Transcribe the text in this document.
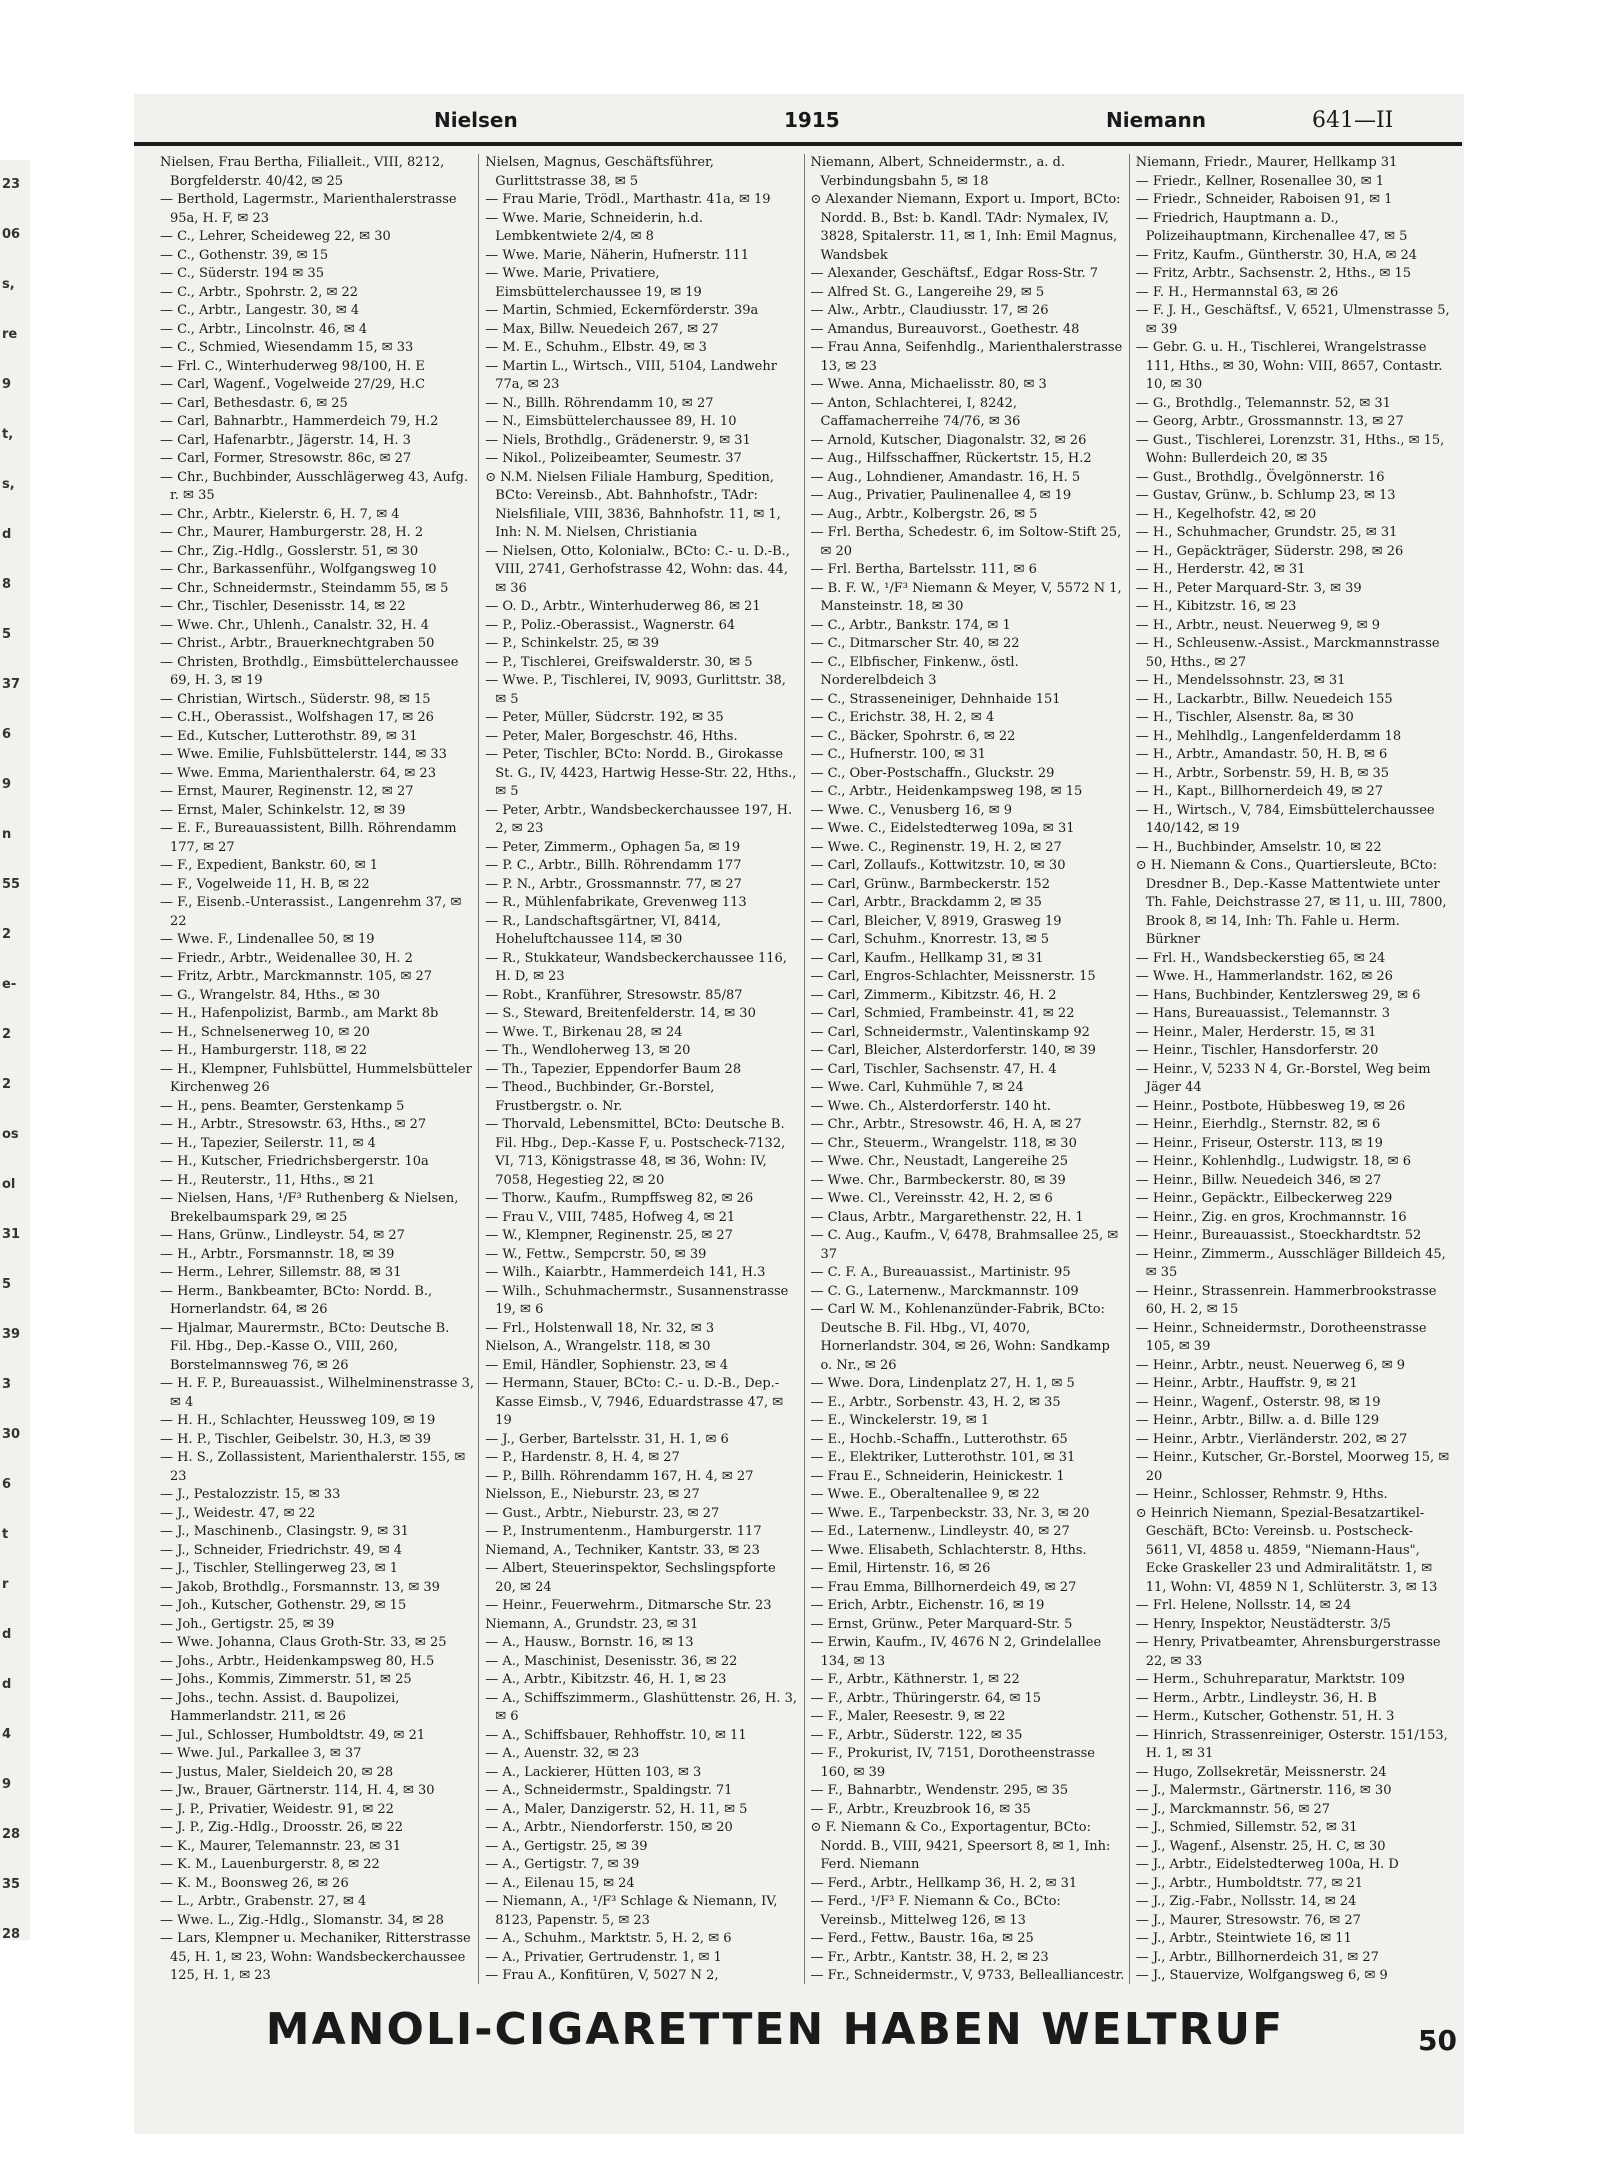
23
06
s,
re
9
t,
s,
d
8
5
37
6
9
n
55
2
e-
2
2
os
ol
31
5
39
3
30
6
t
r
d
d
4
9
28
35
28
Nielsen	1915	Niemann	641—II

Nielsen, Frau Bertha, Filialleit., VIII, 8212, Borgfelderstr. 40/42, ✉ 25

— Berthold, Lagermstr., Marienthalerstrasse 95a, H. F, ✉ 23

— C., Lehrer, Scheideweg 22, ✉ 30

— C., Gothenstr. 39, ✉ 15

— C., Süderstr. 194 ✉ 35

— C., Arbtr., Spohrstr. 2, ✉ 22

— C., Arbtr., Langestr. 30, ✉ 4

— C., Arbtr., Lincolnstr. 46, ✉ 4

— C., Schmied, Wiesendamm 15, ✉ 33

— Frl. C., Winterhuderweg 98/100, H. E

— Carl, Wagenf., Vogelweide 27/29, H.C

— Carl, Bethesdastr. 6, ✉ 25

— Carl, Bahnarbtr., Hammerdeich 79, H.2

— Carl, Hafenarbtr., Jägerstr. 14, H. 3

— Carl, Former, Stresowstr. 86c, ✉ 27

— Chr., Buchbinder, Ausschlägerweg 43, Aufg. r. ✉ 35

— Chr., Arbtr., Kielerstr. 6, H. 7, ✉ 4

— Chr., Maurer, Hamburgerstr. 28, H. 2

— Chr., Zig.-Hdlg., Gosslerstr. 51, ✉ 30

— Chr., Barkassenführ., Wolfgangsweg 10

— Chr., Schneidermstr., Steindamm 55, ✉ 5

— Chr., Tischler, Desenisstr. 14, ✉ 22

— Wwe. Chr., Uhlenh., Canalstr. 32, H. 4

— Christ., Arbtr., Brauerknechtgraben 50

— Christen, Brothdlg., Eimsbüttelerchaussee 69, H. 3, ✉ 19

— Christian, Wirtsch., Süderstr. 98, ✉ 15

— C.H., Oberassist., Wolfshagen 17, ✉ 26

— Ed., Kutscher, Lutterothstr. 89, ✉ 31

— Wwe. Emilie, Fuhlsbüttelerstr. 144, ✉ 33

— Wwe. Emma, Marienthalerstr. 64, ✉ 23

— Ernst, Maurer, Reginenstr. 12, ✉ 27

— Ernst, Maler, Schinkelstr. 12, ✉ 39

— E. F., Bureauassistent, Billh. Röhrendamm 177, ✉ 27

— F., Expedient, Bankstr. 60, ✉ 1

— F., Vogelweide 11, H. B, ✉ 22

— F., Eisenb.-Unterassist., Langenrehm 37, ✉ 22

— Wwe. F., Lindenallee 50, ✉ 19

— Friedr., Arbtr., Weidenallee 30, H. 2

— Fritz, Arbtr., Marckmannstr. 105, ✉ 27

— G., Wrangelstr. 84, Hths., ✉ 30

— H., Hafenpolizist, Barmb., am Markt 8b

— H., Schnelsenerweg 10, ✉ 20

— H., Hamburgerstr. 118, ✉ 22

— H., Klempner, Fuhlsbüttel, Hummelsbütteler Kirchenweg 26

— H., pens. Beamter, Gerstenkamp 5

— H., Arbtr., Stresowstr. 63, Hths., ✉ 27

— H., Tapezier, Seilerstr. 11, ✉ 4

— H., Kutscher, Friedrichsbergerstr. 10a

— H., Reuterstr., 11, Hths., ✉ 21

— Nielsen, Hans, ¹/F³ Ruthenberg & Nielsen, Brekelbaumspark 29, ✉ 25

— Hans, Grünw., Lindleystr. 54, ✉ 27

— H., Arbtr., Forsmannstr. 18, ✉ 39

— Herm., Lehrer, Sillemstr. 88, ✉ 31

— Herm., Bankbeamter, BCto: Nordd. B., Hornerlandstr. 64, ✉ 26

— Hjalmar, Maurermstr., BCto: Deutsche B. Fil. Hbg., Dep.-Kasse O., VIII, 260, Borstelmannsweg 76, ✉ 26

— H. F. P., Bureauassist., Wilhelminenstrasse 3, ✉ 4

— H. H., Schlachter, Heussweg 109, ✉ 19

— H. P., Tischler, Geibelstr. 30, H.3, ✉ 39

— H. S., Zollassistent, Marienthalerstr. 155, ✉ 23

— J., Pestalozzistr. 15, ✉ 33

— J., Weidestr. 47, ✉ 22

— J., Maschinenb., Clasingstr. 9, ✉ 31

— J., Schneider, Friedrichstr. 49, ✉ 4

— J., Tischler, Stellingerweg 23, ✉ 1

— Jakob, Brothdlg., Forsmannstr. 13, ✉ 39

— Joh., Kutscher, Gothenstr. 29, ✉ 15

— Joh., Gertigstr. 25, ✉ 39

— Wwe. Johanna, Claus Groth-Str. 33, ✉ 25

— Johs., Arbtr., Heidenkampsweg 80, H.5

— Johs., Kommis, Zimmerstr. 51, ✉ 25

— Johs., techn. Assist. d. Baupolizei, Hammerlandstr. 211, ✉ 26

— Jul., Schlosser, Humboldtstr. 49, ✉ 21

— Wwe. Jul., Parkallee 3, ✉ 37

— Justus, Maler, Sieldeich 20, ✉ 28

— Jw., Brauer, Gärtnerstr. 114, H. 4, ✉ 30

— J. P., Privatier, Weidestr. 91, ✉ 22

— J. P., Zig.-Hdlg., Droosstr. 26, ✉ 22

— K., Maurer, Telemannstr. 23, ✉ 31

— K. M., Lauenburgerstr. 8, ✉ 22

— K. M., Boonsweg 26, ✉ 26

— L., Arbtr., Grabenstr. 27, ✉ 4

— Wwe. L., Zig.-Hdlg., Slomanstr. 34, ✉ 28

— Lars, Klempner u. Mechaniker, Ritterstrasse 45, H. 1, ✉ 23, Wohn: Wandsbeckerchaussee 125, H. 1, ✉ 23

Nielsen, Magnus, Geschäftsführer, Gurlittstrasse 38, ✉ 5

— Frau Marie, Trödl., Marthastr. 41a, ✉ 19

— Wwe. Marie, Schneiderin, h.d. Lembkentwiete 2/4, ✉ 8

— Wwe. Marie, Näherin, Hufnerstr. 111

— Wwe. Marie, Privatiere, Eimsbüttelerchaussee 19, ✉ 19

— Martin, Schmied, Eckernförderstr. 39a

— Max, Billw. Neuedeich 267, ✉ 27

— M. E., Schuhm., Elbstr. 49, ✉ 3

— Martin L., Wirtsch., VIII, 5104, Landwehr 77a, ✉ 23

— N., Billh. Röhrendamm 10, ✉ 27

— N., Eimsbüttelerchaussee 89, H. 10

— Niels, Brothdlg., Grädenerstr. 9, ✉ 31

— Nikol., Polizeibeamter, Seumestr. 37

⊙ N.M. Nielsen Filiale Hamburg, Spedition, BCto: Vereinsb., Abt. Bahnhofstr., TAdr: Nielsfiliale, VIII, 3836, Bahnhofstr. 11, ✉ 1, Inh: N. M. Nielsen, Christiania

— Nielsen, Otto, Kolonialw., BCto: C.- u. D.-B., VIII, 2741, Gerhofstrasse 42, Wohn: das. 44, ✉ 36

— O. D., Arbtr., Winterhuderweg 86, ✉ 21

— P., Poliz.-Oberassist., Wagnerstr. 64

— P., Schinkelstr. 25, ✉ 39

— P., Tischlerei, Greifswalderstr. 30, ✉ 5

— Wwe. P., Tischlerei, IV, 9093, Gurlittstr. 38, ✉ 5

— Peter, Müller, Südcrstr. 192, ✉ 35

— Peter, Maler, Borgeschstr. 46, Hths.

— Peter, Tischler, BCto: Nordd. B., Girokasse St. G., IV, 4423, Hartwig Hesse-Str. 22, Hths., ✉ 5

— Peter, Arbtr., Wandsbeckerchaussee 197, H. 2, ✉ 23

— Peter, Zimmerm., Ophagen 5a, ✉ 19

— P. C., Arbtr., Billh. Röhrendamm 177

— P. N., Arbtr., Grossmannstr. 77, ✉ 27

— R., Mühlenfabrikate, Grevenweg 113

— R., Landschaftsgärtner, VI, 8414, Hoheluftchaussee 114, ✉ 30

— R., Stukkateur, Wandsbeckerchaussee 116, H. D, ✉ 23

— Robt., Kranführer, Stresowstr. 85/87

— S., Steward, Breitenfelderstr. 14, ✉ 30

— Wwe. T., Birkenau 28, ✉ 24

— Th., Wendloherweg 13, ✉ 20

— Th., Tapezier, Eppendorfer Baum 28

— Theod., Buchbinder, Gr.-Borstel, Frustbergstr. o. Nr.

— Thorvald, Lebensmittel, BCto: Deutsche B. Fil. Hbg., Dep.-Kasse F, u. Postscheck-7132, VI, 713, Königstrasse 48, ✉ 36, Wohn: IV, 7058, Hegestieg 22, ✉ 20

— Thorw., Kaufm., Rumpffsweg 82, ✉ 26

— Frau V., VIII, 7485, Hofweg 4, ✉ 21

— W., Klempner, Reginenstr. 25, ✉ 27

— W., Fettw., Sempcrstr. 50, ✉ 39

— Wilh., Kaiarbtr., Hammerdeich 141, H.3

— Wilh., Schuhmachermstr., Susannenstrasse 19, ✉ 6

— Frl., Holstenwall 18, Nr. 32, ✉ 3

Nielson, A., Wrangelstr. 118, ✉ 30

— Emil, Händler, Sophienstr. 23, ✉ 4

— Hermann, Stauer, BCto: C.- u. D.-B., Dep.-Kasse Eimsb., V, 7946, Eduardstrasse 47, ✉ 19

— J., Gerber, Bartelsstr. 31, H. 1, ✉ 6

— P., Hardenstr. 8, H. 4, ✉ 27

— P., Billh. Röhrendamm 167, H. 4, ✉ 27

Nielsson, E., Nieburstr. 23, ✉ 27

— Gust., Arbtr., Nieburstr. 23, ✉ 27

— P., Instrumentenm., Hamburgerstr. 117

Niemand, A., Techniker, Kantstr. 33, ✉ 23

— Albert, Steuerinspektor, Sechslingspforte 20, ✉ 24

— Heinr., Feuerwehrm., Ditmarsche Str. 23

Niemann, A., Grundstr. 23, ✉ 31

— A., Hausw., Bornstr. 16, ✉ 13

— A., Maschinist, Desenisstr. 36, ✉ 22

— A., Arbtr., Kibitzstr. 46, H. 1, ✉ 23

— A., Schiffszimmerm., Glashüttenstr. 26, H. 3, ✉ 6

— A., Schiffsbauer, Rehhoffstr. 10, ✉ 11

— A., Auenstr. 32, ✉ 23

— A., Lackierer, Hütten 103, ✉ 3

— A., Schneidermstr., Spaldingstr. 71

— A., Maler, Danzigerstr. 52, H. 11, ✉ 5

— A., Arbtr., Niendorferstr. 150, ✉ 20

— A., Gertigstr. 25, ✉ 39

— A., Gertigstr. 7, ✉ 39

— A., Eilenau 15, ✉ 24

— Niemann, A., ¹/F³ Schlage & Niemann, IV, 8123, Papenstr. 5, ✉ 23

— A., Schuhm., Marktstr. 5, H. 2, ✉ 6

— A., Privatier, Gertrudenstr. 1, ✉ 1

— Frau A., Konfitüren, V, 5027 N 2,

Niemann, Albert, Schneidermstr., a. d. Verbindungsbahn 5, ✉ 18

⊙ Alexander Niemann, Export u. Import, BCto: Nordd. B., Bst: b. Kandl. TAdr: Nymalex, IV, 3828, Spitalerstr. 11, ✉ 1, Inh: Emil Magnus, Wandsbek

— Alexander, Geschäftsf., Edgar Ross-Str. 7

— Alfred St. G., Langereihe 29, ✉ 5

— Alw., Arbtr., Claudiusstr. 17, ✉ 26

— Amandus, Bureauvorst., Goethestr. 48

— Frau Anna, Seifenhdlg., Marienthalerstrasse 13, ✉ 23

— Wwe. Anna, Michaelisstr. 80, ✉ 3

— Anton, Schlachterei, I, 8242, Caffamacherreihe 74/76, ✉ 36

— Arnold, Kutscher, Diagonalstr. 32, ✉ 26

— Aug., Hilfsschaffner, Rückertstr. 15, H.2

— Aug., Lohndiener, Amandastr. 16, H. 5

— Aug., Privatier, Paulinenallee 4, ✉ 19

— Aug., Arbtr., Kolbergstr. 26, ✉ 5

— Frl. Bertha, Schedestr. 6, im Soltow-Stift 25, ✉ 20

— Frl. Bertha, Bartelsstr. 111, ✉ 6

— B. F. W., ¹/F³ Niemann & Meyer, V, 5572 N 1, Mansteinstr. 18, ✉ 30

— C., Arbtr., Bankstr. 174, ✉ 1

— C., Ditmarscher Str. 40, ✉ 22

— C., Elbfischer, Finkenw., östl. Norderelbdeich 3

— C., Strasseneiniger, Dehnhaide 151

— C., Erichstr. 38, H. 2, ✉ 4

— C., Bäcker, Spohrstr. 6, ✉ 22

— C., Hufnerstr. 100, ✉ 31

— C., Ober-Postschaffn., Gluckstr. 29

— C., Arbtr., Heidenkampsweg 198, ✉ 15

— Wwe. C., Venusberg 16, ✉ 9

— Wwe. C., Eidelstedterweg 109a, ✉ 31

— Wwe. C., Reginenstr. 19, H. 2, ✉ 27

— Carl, Zollaufs., Kottwitzstr. 10, ✉ 30

— Carl, Grünw., Barmbeckerstr. 152

— Carl, Arbtr., Brackdamm 2, ✉ 35

— Carl, Bleicher, V, 8919, Grasweg 19

— Carl, Schuhm., Knorrestr. 13, ✉ 5

— Carl, Kaufm., Hellkamp 31, ✉ 31

— Carl, Engros-Schlachter, Meissnerstr. 15

— Carl, Zimmerm., Kibitzstr. 46, H. 2

— Carl, Schmied, Frambeinstr. 41, ✉ 22

— Carl, Schneidermstr., Valentinskamp 92

— Carl, Bleicher, Alsterdorferstr. 140, ✉ 39

— Carl, Tischler, Sachsenstr. 47, H. 4

— Wwe. Carl, Kuhmühle 7, ✉ 24

— Wwe. Ch., Alsterdorferstr. 140 ht.

— Chr., Arbtr., Stresowstr. 46, H. A, ✉ 27

— Chr., Steuerm., Wrangelstr. 118, ✉ 30

— Wwe. Chr., Neustadt, Langereihe 25

— Wwe. Chr., Barmbeckerstr. 80, ✉ 39

— Wwe. Cl., Vereinsstr. 42, H. 2, ✉ 6

— Claus, Arbtr., Margarethenstr. 22, H. 1

— C. Aug., Kaufm., V, 6478, Brahmsallee 25, ✉ 37

— C. F. A., Bureauassist., Martinistr. 95

— C. G., Laternenw., Marckmannstr. 109

— Carl W. M., Kohlenanzünder-Fabrik, BCto: Deutsche B. Fil. Hbg., VI, 4070, Hornerlandstr. 304, ✉ 26, Wohn: Sandkamp o. Nr., ✉ 26

— Wwe. Dora, Lindenplatz 27, H. 1, ✉ 5

— E., Arbtr., Sorbenstr. 43, H. 2, ✉ 35

— E., Winckelerstr. 19, ✉ 1

— E., Hochb.-Schaffn., Lutterothstr. 65

— E., Elektriker, Lutterothstr. 101, ✉ 31

— Frau E., Schneiderin, Heinickestr. 1

— Wwe. E., Oberaltenallee 9, ✉ 22

— Wwe. E., Tarpenbeckstr. 33, Nr. 3, ✉ 20

— Ed., Laternenw., Lindleystr. 40, ✉ 27

— Wwe. Elisabeth, Schlachterstr. 8, Hths.

— Emil, Hirtenstr. 16, ✉ 26

— Frau Emma, Billhornerdeich 49, ✉ 27

— Erich, Arbtr., Eichenstr. 16, ✉ 19

— Ernst, Grünw., Peter Marquard-Str. 5

— Erwin, Kaufm., IV, 4676 N 2, Grindelallee 134, ✉ 13

— F., Arbtr., Käthnerstr. 1, ✉ 22

— F., Arbtr., Thüringerstr. 64, ✉ 15

— F., Maler, Reesestr. 9, ✉ 22

— F., Arbtr., Süderstr. 122, ✉ 35

— F., Prokurist, IV, 7151, Dorotheenstrasse 160, ✉ 39

— F., Bahnarbtr., Wendenstr. 295, ✉ 35

— F., Arbtr., Kreuzbrook 16, ✉ 35

⊙ F. Niemann & Co., Exportagentur, BCto: Nordd. B., VIII, 9421, Speersort 8, ✉ 1, Inh: Ferd. Niemann

— Ferd., Arbtr., Hellkamp 36, H. 2, ✉ 31

— Ferd., ¹/F³ F. Niemann & Co., BCto: Vereinsb., Mittelweg 126, ✉ 13

— Ferd., Fettw., Baustr. 16a, ✉ 25

— Fr., Arbtr., Kantstr. 38, H. 2, ✉ 23

— Fr., Schneidermstr., V, 9733, Bellealliancestr.

Niemann, Friedr., Maurer, Hellkamp 31

— Friedr., Kellner, Rosenallee 30, ✉ 1

— Friedr., Schneider, Raboisen 91, ✉ 1

— Friedrich, Hauptmann a. D., Polizeihauptmann, Kirchenallee 47, ✉ 5

— Fritz, Kaufm., Güntherstr. 30, H.A, ✉ 24

— Fritz, Arbtr., Sachsenstr. 2, Hths., ✉ 15

— F. H., Hermannstal 63, ✉ 26

— F. J. H., Geschäftsf., V, 6521, Ulmenstrasse 5, ✉ 39

— Gebr. G. u. H., Tischlerei, Wrangelstrasse 111, Hths., ✉ 30, Wohn: VIII, 8657, Contastr. 10, ✉ 30

— G., Brothdlg., Telemannstr. 52, ✉ 31

— Georg, Arbtr., Grossmannstr. 13, ✉ 27

— Gust., Tischlerei, Lorenzstr. 31, Hths., ✉ 15, Wohn: Bullerdeich 20, ✉ 35

— Gust., Brothdlg., Övelgönnerstr. 16

— Gustav, Grünw., b. Schlump 23, ✉ 13

— H., Kegelhofstr. 42, ✉ 20

— H., Schuhmacher, Grundstr. 25, ✉ 31

— H., Gepäckträger, Süderstr. 298, ✉ 26

— H., Herderstr. 42, ✉ 31

— H., Peter Marquard-Str. 3, ✉ 39

— H., Kibitzstr. 16, ✉ 23

— H., Arbtr., neust. Neuerweg 9, ✉ 9

— H., Schleusenw.-Assist., Marckmannstrasse 50, Hths., ✉ 27

— H., Mendelssohnstr. 23, ✉ 31

— H., Lackarbtr., Billw. Neuedeich 155

— H., Tischler, Alsenstr. 8a, ✉ 30

— H., Mehlhdlg., Langenfelderdamm 18

— H., Arbtr., Amandastr. 50, H. B, ✉ 6

— H., Arbtr., Sorbenstr. 59, H. B, ✉ 35

— H., Kapt., Billhornerdeich 49, ✉ 27

— H., Wirtsch., V, 784, Eimsbüttelerchaussee 140/142, ✉ 19

— H., Buchbinder, Amselstr. 10, ✉ 22

⊙ H. Niemann & Cons., Quartiersleute, BCto: Dresdner B., Dep.-Kasse Mattentwiete unter Th. Fahle, Deichstrasse 27, ✉ 11, u. III, 7800, Brook 8, ✉ 14, Inh: Th. Fahle u. Herm. Bürkner

— Frl. H., Wandsbeckerstieg 65, ✉ 24

— Wwe. H., Hammerlandstr. 162, ✉ 26

— Hans, Buchbinder, Kentzlersweg 29, ✉ 6

— Hans, Bureauassist., Telemannstr. 3

— Heinr., Maler, Herderstr. 15, ✉ 31

— Heinr., Tischler, Hansdorferstr. 20

— Heinr., V, 5233 N 4, Gr.-Borstel, Weg beim Jäger 44

— Heinr., Postbote, Hübbesweg 19, ✉ 26

— Heinr., Eierhdlg., Sternstr. 82, ✉ 6

— Heinr., Friseur, Osterstr. 113, ✉ 19

— Heinr., Kohlenhdlg., Ludwigstr. 18, ✉ 6

— Heinr., Billw. Neuedeich 346, ✉ 27

— Heinr., Gepäcktr., Eilbeckerweg 229

— Heinr., Zig. en gros, Krochmannstr. 16

— Heinr., Bureauassist., Stoeckhardtstr. 52

— Heinr., Zimmerm., Ausschläger Billdeich 45, ✉ 35

— Heinr., Strassenrein. Hammerbrookstrasse 60, H. 2, ✉ 15

— Heinr., Schneidermstr., Dorotheenstrasse 105, ✉ 39

— Heinr., Arbtr., neust. Neuerweg 6, ✉ 9

— Heinr., Arbtr., Hauffstr. 9, ✉ 21

— Heinr., Wagenf., Osterstr. 98, ✉ 19

— Heinr., Arbtr., Billw. a. d. Bille 129

— Heinr., Arbtr., Vierländerstr. 202, ✉ 27

— Heinr., Kutscher, Gr.-Borstel, Moorweg 15, ✉ 20

— Heinr., Schlosser, Rehmstr. 9, Hths.

⊙ Heinrich Niemann, Spezial-Besatzartikel-Geschäft, BCto: Vereinsb. u. Postscheck-5611, VI, 4858 u. 4859, "Niemann-Haus", Ecke Graskeller 23 und Admiralitätstr. 1, ✉ 11, Wohn: VI, 4859 N 1, Schlüterstr. 3, ✉ 13

— Frl. Helene, Nollsstr. 14, ✉ 24

— Henry, Inspektor, Neustädterstr. 3/5

— Henry, Privatbeamter, Ahrensburgerstrasse 22, ✉ 33

— Herm., Schuhreparatur, Marktstr. 109

— Herm., Arbtr., Lindleystr. 36, H. B

— Herm., Kutscher, Gothenstr. 51, H. 3

— Hinrich, Strassenreiniger, Osterstr. 151/153, H. 1, ✉ 31

— Hugo, Zollsekretär, Meissnerstr. 24

— J., Malermstr., Gärtnerstr. 116, ✉ 30

— J., Marckmannstr. 56, ✉ 27

— J., Schmied, Sillemstr. 52, ✉ 31

— J., Wagenf., Alsenstr. 25, H. C, ✉ 30

— J., Arbtr., Eidelstedterweg 100a, H. D

— J., Arbtr., Humboldtstr. 77, ✉ 21

— J., Zig.-Fabr., Nollsstr. 14, ✉ 24

— J., Maurer, Stresowstr. 76, ✉ 27

— J., Arbtr., Steintwiete 16, ✉ 11

— J., Arbtr., Billhornerdeich 31, ✉ 27

— J., Stauervize, Wolfgangsweg 6, ✉ 9

MANOLI-CIGARETTEN HABEN WELTRUF	50
